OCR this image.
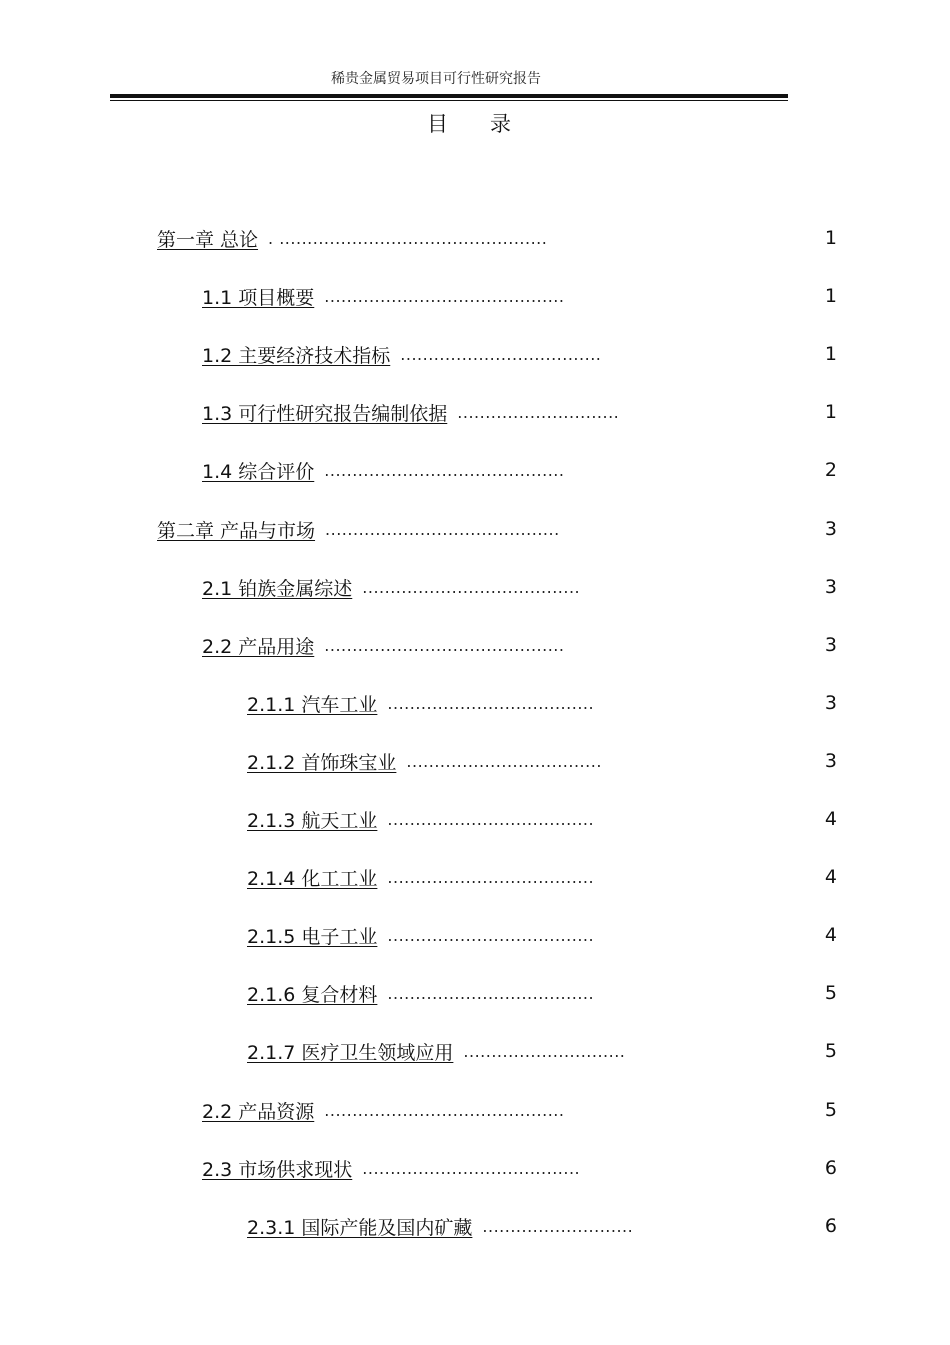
稀贵金属贸易项目可行性研究报告
目录
第一章 总论 . ................................................	1
1.1 项目概要 ...........................................	1
1.2 主要经济技术指标 ....................................	1
1.3 可行性研究报告编制依据 .............................	1
1.4 综合评价 ...........................................	2
第二章 产品与市场 ..........................................	3
2.1 铂族金属综述 .......................................	3
2.2 产品用途 ...........................................	3
2.1.1 汽车工业 .....................................	3
2.1.2 首饰珠宝业 ...................................	3
2.1.3 航天工业 .....................................	4
2.1.4 化工工业 .....................................	4
2.1.5 电子工业 .....................................	4
2.1.6 复合材料 .....................................	5
2.1.7 医疗卫生领域应用 .............................	5
2.2 产品资源 ...........................................	5
2.3 市场供求现状 .......................................	6
2.3.1 国际产能及国内矿藏 ...........................	6
